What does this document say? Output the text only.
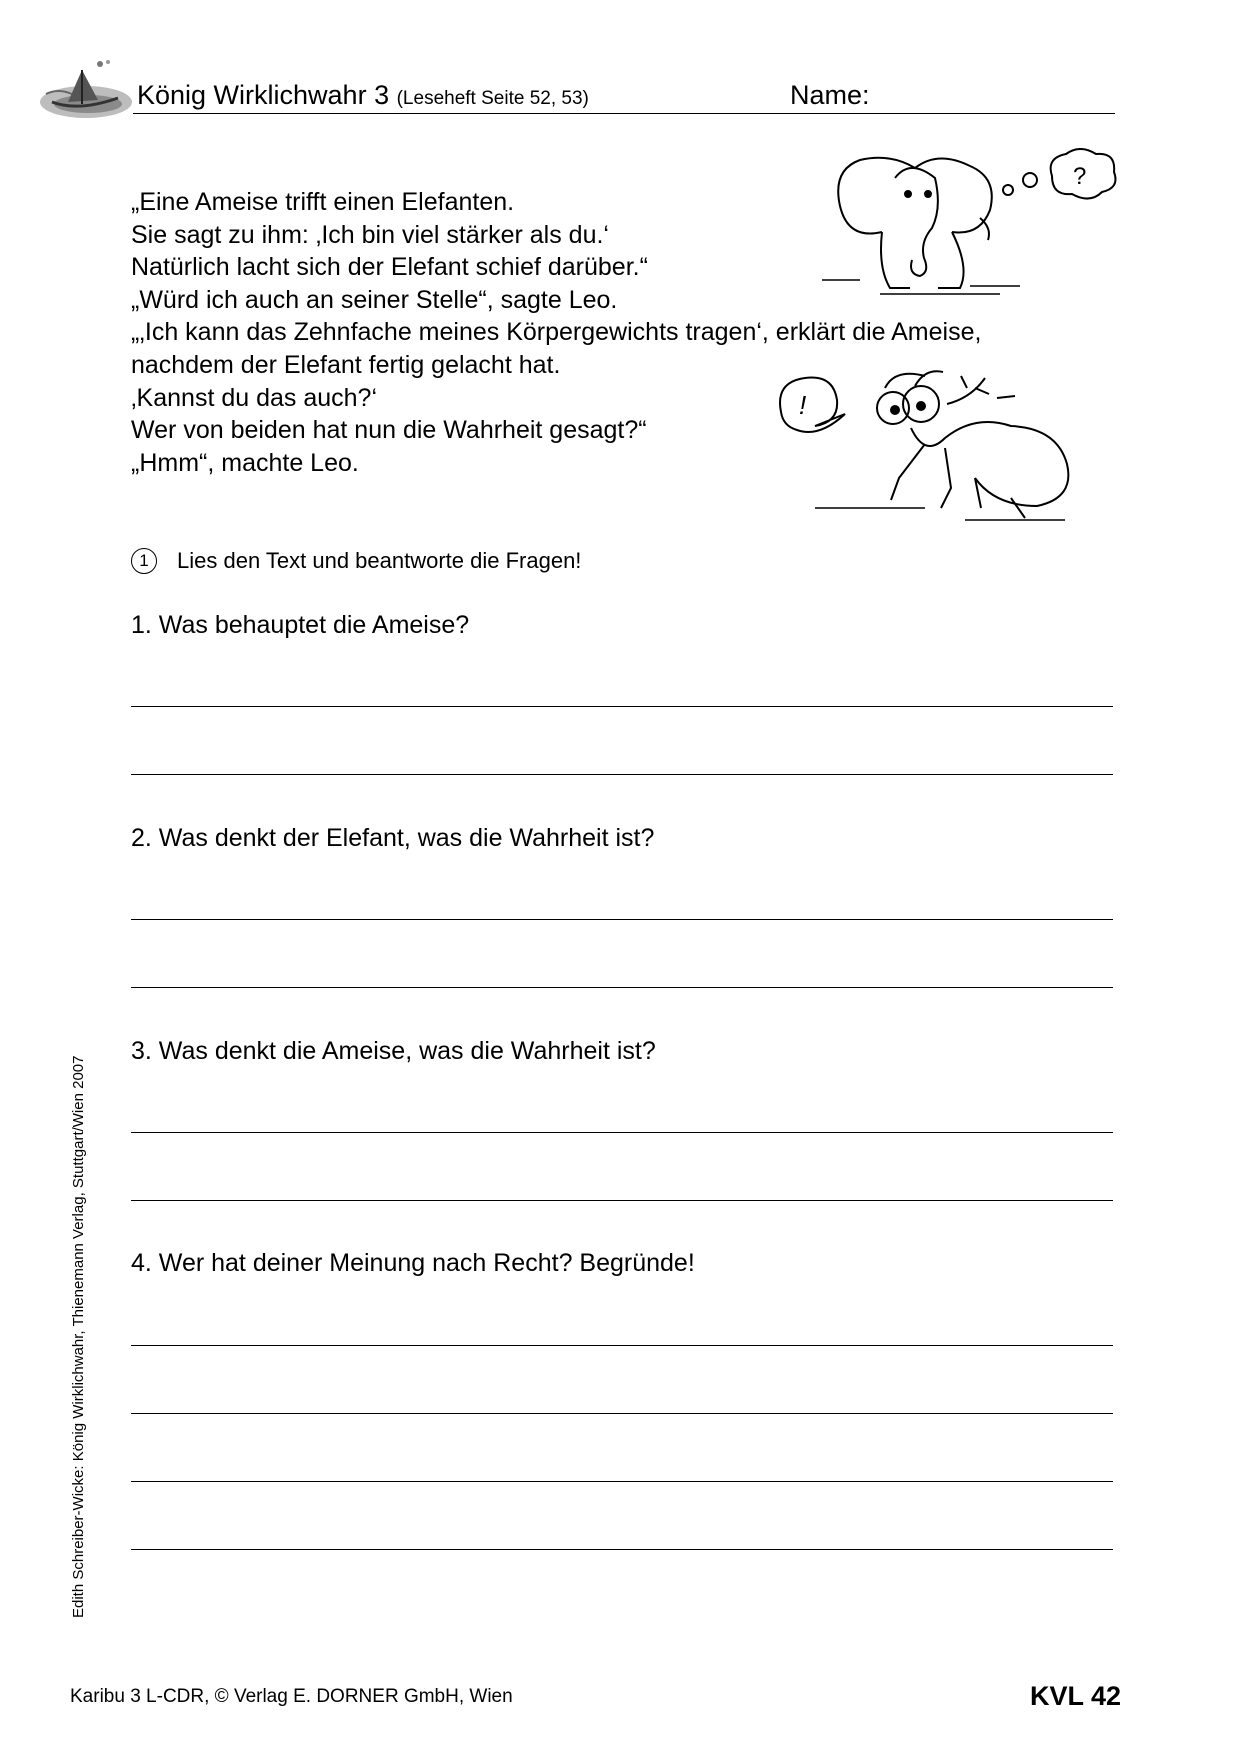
König Wirklichwahr 3 (Leseheft Seite 52, 53)	Name:
„Eine Ameise trifft einen Elefanten.
Sie sagt zu ihm: ‚Ich bin viel stärker als du.‘
Natürlich lacht sich der Elefant schief darüber.“
„Würd ich auch an seiner Stelle“, sagte Leo.
„‚Ich kann das Zehnfache meines Körpergewichts tragen‘, erklärt die Ameise,
nachdem der Elefant fertig gelacht hat.
‚Kannst du das auch?‘
Wer von beiden hat nun die Wahrheit gesagt?“
„Hmm“, machte Leo.
?
!
1	Lies den Text und beantworte die Fragen!
1. Was behauptet die Ameise?
2. Was denkt der Elefant, was die Wahrheit ist?
3. Was denkt die Ameise, was die Wahrheit ist?
4. Wer hat deiner Meinung nach Recht? Begründe!
Edith Schreiber-Wicke: König Wirklichwahr, Thienemann Verlag, Stuttgart/Wien 2007
Karibu 3 L-CDR, © Verlag E. DORNER GmbH, Wien	KVL 42
